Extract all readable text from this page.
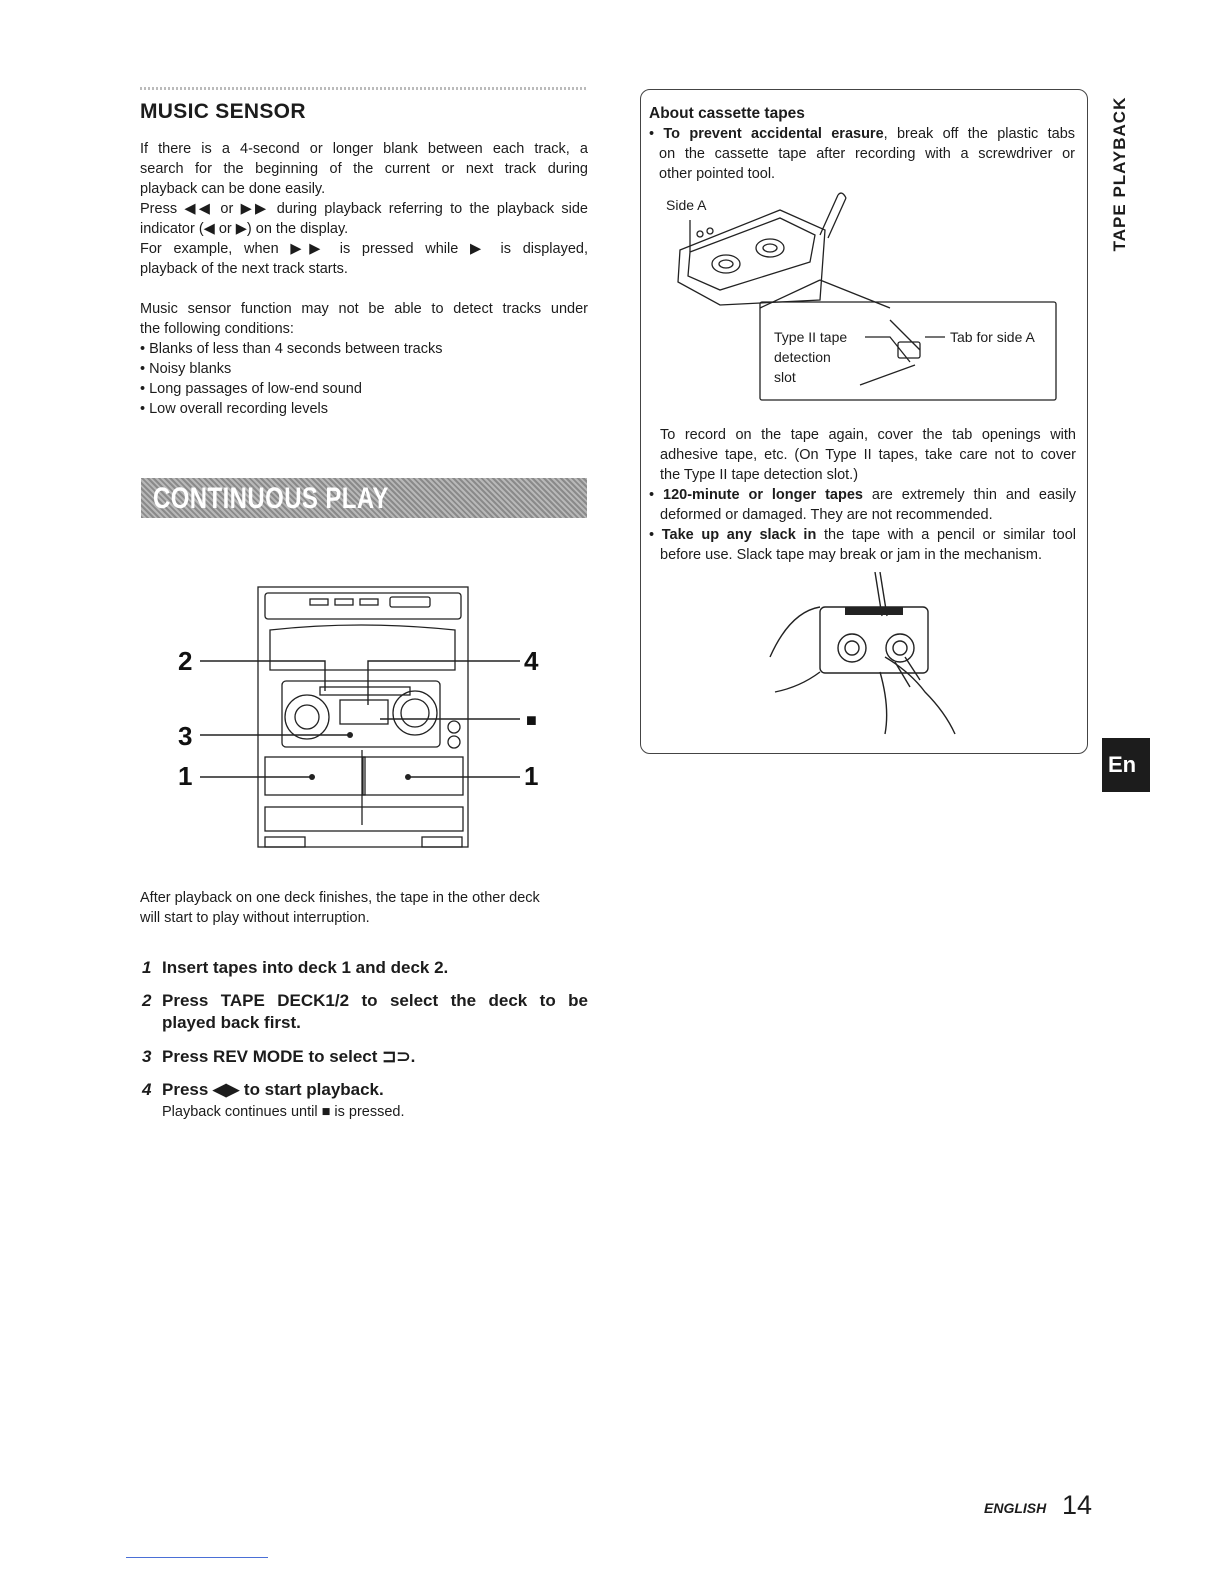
MUSIC SENSOR

If there is a 4-second or longer blank between each track, a

search for the beginning of the current or next track during

playback can be done easily.

Press ◀◀ or ▶▶ during playback referring to the playback side

indicator (◀ or ▶) on the display.

For example, when ▶▶ is pressed while ▶ is displayed,

playback of the next track starts.

Music sensor function may not be able to detect tracks under

the following conditions:

• Blanks of less than 4 seconds between tracks

• Noisy blanks

• Long passages of low-end sound

• Low overall recording levels

CONTINUOUS PLAY
2
3
1
4
■
1

After playback on one deck finishes, the tape in the other deck

will start to play without interruption.

1 Insert tapes into deck 1 and deck 2.
2 Press TAPE DECK1/2 to select the deck to be
played back first.
3 Press REV MODE to select ⊐⊃.
4 Press ◀▶ to start playback.

Playback continues until ■ is pressed.

About cassette tapes

• To prevent accidental erasure, break off the plastic tabs

on the cassette tape after recording with a screwdriver or

other pointed tool.

Side A
Type II tape
detection
slot
Tab for side A

To record on the tape again, cover the tab openings with

adhesive tape, etc. (On Type II tapes, take care not to cover

the Type II tape detection slot.)

• 120-minute or longer tapes are extremely thin and easily

deformed or damaged. They are not recommended.

• Take up any slack in the tape with a pencil or similar tool

before use. Slack tape may break or jam in the mechanism.

TAPE PLAYBACK
En
ENGLISH 14
